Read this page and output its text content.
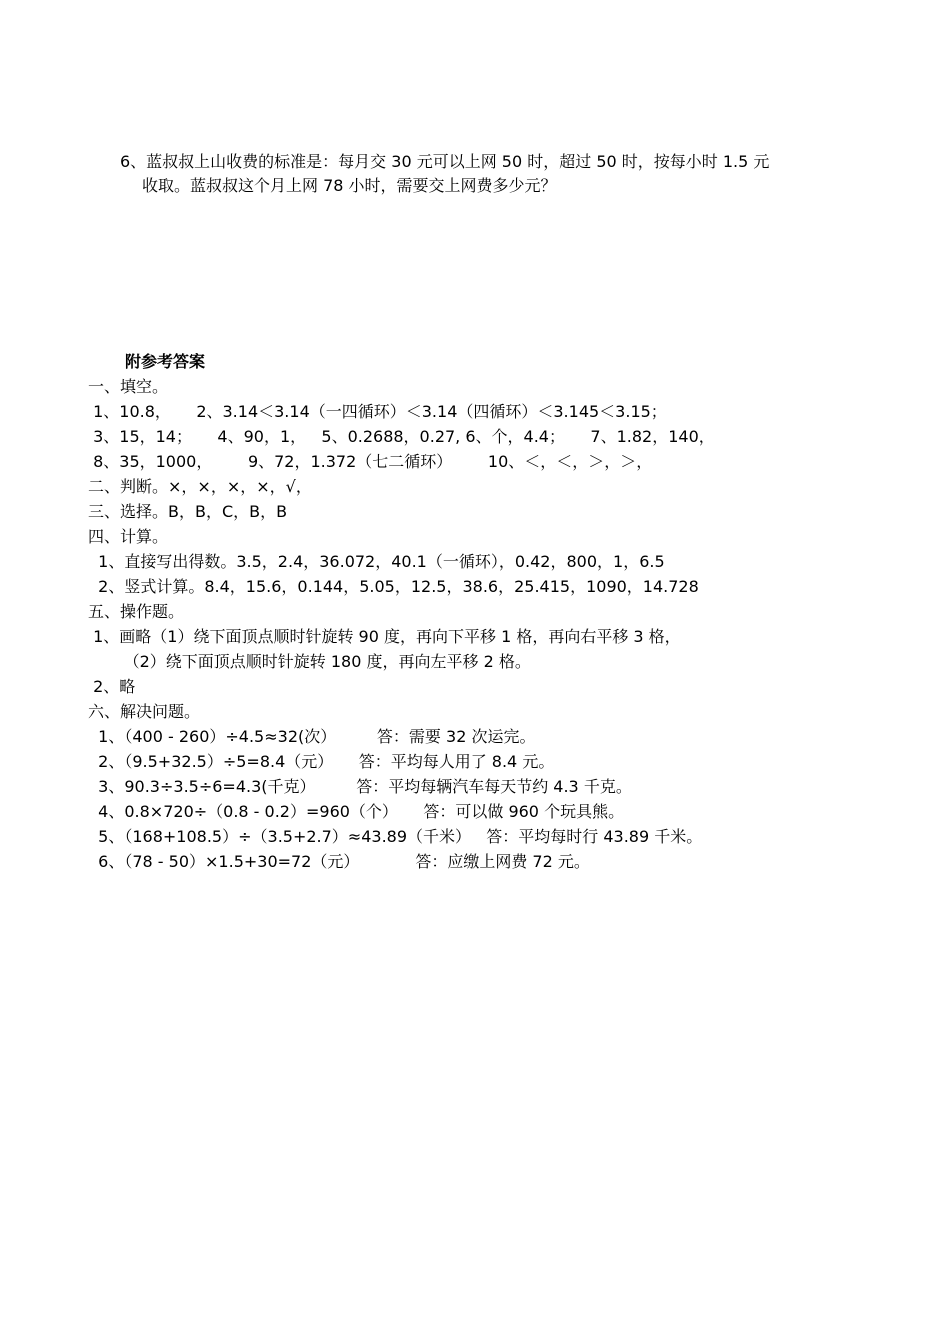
6、蓝叔叔上山收费的标准是：每月交 30 元可以上网 50 时，超过 50 时，按每小时 1.5 元
收取。蓝叔叔这个月上网 78 小时，需要交上网费多少元？
附参考答案
一、填空。
1、10.8，     2、3.14＜3.14（一四循环）＜3.14（四循环）＜3.145＜3.15；
3、15，14；     4、90，1，   5、0.2688，0.27, 6、个，4.4；     7、1.82，140，
8、35，1000，       9、72，1.372（七二循环）       10、＜，＜，＞，＞，
二、判断。×，×，×，×，√，
三、选择。B，B，C，B，B
四、计算。
1、直接写出得数。3.5，2.4，36.072，40.1（一循环），0.42，800，1，6.5
2、竖式计算。8.4，15.6，0.144，5.05，12.5，38.6，25.415，1090，14.728
五、操作题。
1、画略（1）绕下面顶点顺时针旋转 90 度，再向下平移 1 格，再向右平移 3 格，
（2）绕下面顶点顺时针旋转 180 度，再向左平移 2 格。
2、略
六、解决问题。
1、（400 - 260）÷4.5≈32(次）        答：需要 32 次运完。
2、（9.5+32.5）÷5=8.4（元）     答：平均每人用了 8.4 元。
3、90.3÷3.5÷6=4.3(千克）        答：平均每辆汽车每天节约 4.3 千克。
4、0.8×720÷（0.8 - 0.2）=960（个）     答：可以做 960 个玩具熊。
5、（168+108.5）÷（3.5+2.7）≈43.89（千米）   答：平均每时行 43.89 千米。
6、（78 - 50）×1.5+30=72（元）           答：应缴上网费 72 元。
